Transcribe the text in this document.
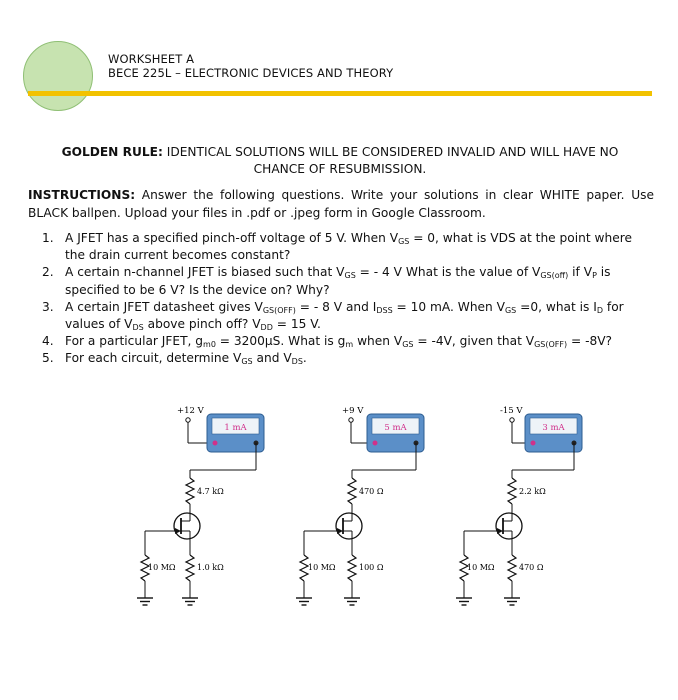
WORKSHEET A
BECE 225L – ELECTRONIC DEVICES AND THEORY
GOLDEN RULE: IDENTICAL SOLUTIONS WILL BE CONSIDERED INVALID AND WILL HAVE NO
CHANCE OF RESUBMISSION.
INSTRUCTIONS: Answer the following questions. Write your solutions in clear WHITE paper. Use BLACK ballpen. Upload your files in .pdf or .jpeg form in Google Classroom.
1. A JFET has a specified pinch-off voltage of 5 V. When $V_{GS} = 0$, what is VDS at the point where the drain current becomes constant?
2. A certain n-channel JFET is biased such that $V_{GS}$ = - 4 V What is the value of $V_{GS(off)}$ if $V_P$ is specified to be 6 V? Is the device on? Why?
3. A certain JFET datasheet gives $V_{GS(OFF)}$ = - 8 V and $I_{DSS} = 10$ mA. When $V_{GS} =0$, what is $I_D$ for values of $V_{DS}$ above pinch off? $V_{DD} = 15$ V.
4. For a particular JFET, $g_{m0} = 3200\mu S$. What is $g_m$ when $V_{GS} = -4V$, given that $V_{GS(OFF)} = -8V$?
5. For each circuit, determine $V_{GS}$ and $V_{DS}$.
+12 V
1 mA
4.7 kΩ
10 MΩ	1.0 kΩ
+9 V
5 mA
470 Ω
10 MΩ	100 Ω
-15 V
3 mA
2.2 kΩ
10 MΩ	470 Ω
